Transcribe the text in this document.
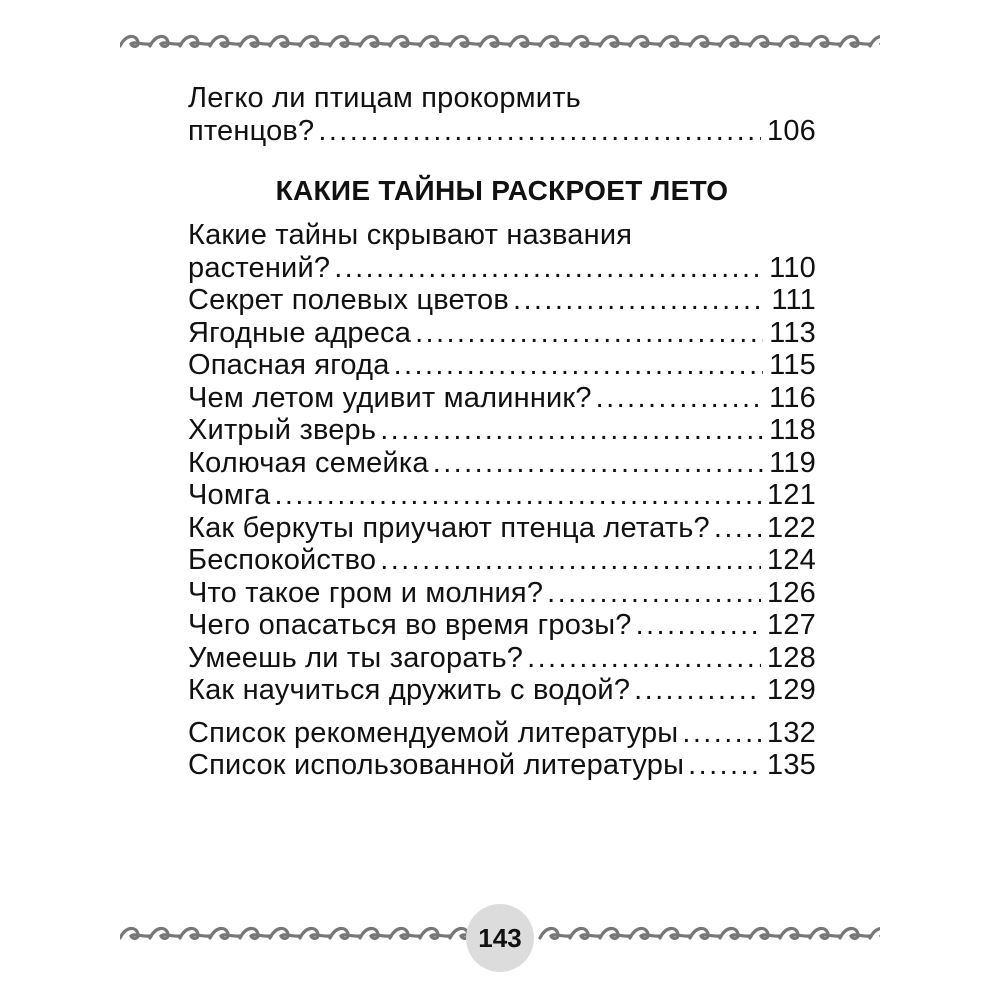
Легко ли птицам прокормить
птенцов? .....	106
КАКИЕ ТАЙНЫ РАСКРОЕТ ЛЕТО
Какие тайны скрывают названия
растений? .....	110
Секрет полевых цветов .....	111
Ягодные адреса .....	113
Опасная ягода .....	115
Чем летом удивит малинник? .....	116
Хитрый зверь .....	118
Колючая семейка .....	119
Чомга .....	121
Как беркуты приучают птенца летать? ..... 122
Беспокойство .....	124
Что такое гром и молния? .....	126
Чего опасаться во время грозы? .....	127
Умеешь ли ты загорать? .....	128
Как научиться дружить с водой? .....	129
Список рекомендуемой литературы .....	132
Список использованной литературы .....	135
143
